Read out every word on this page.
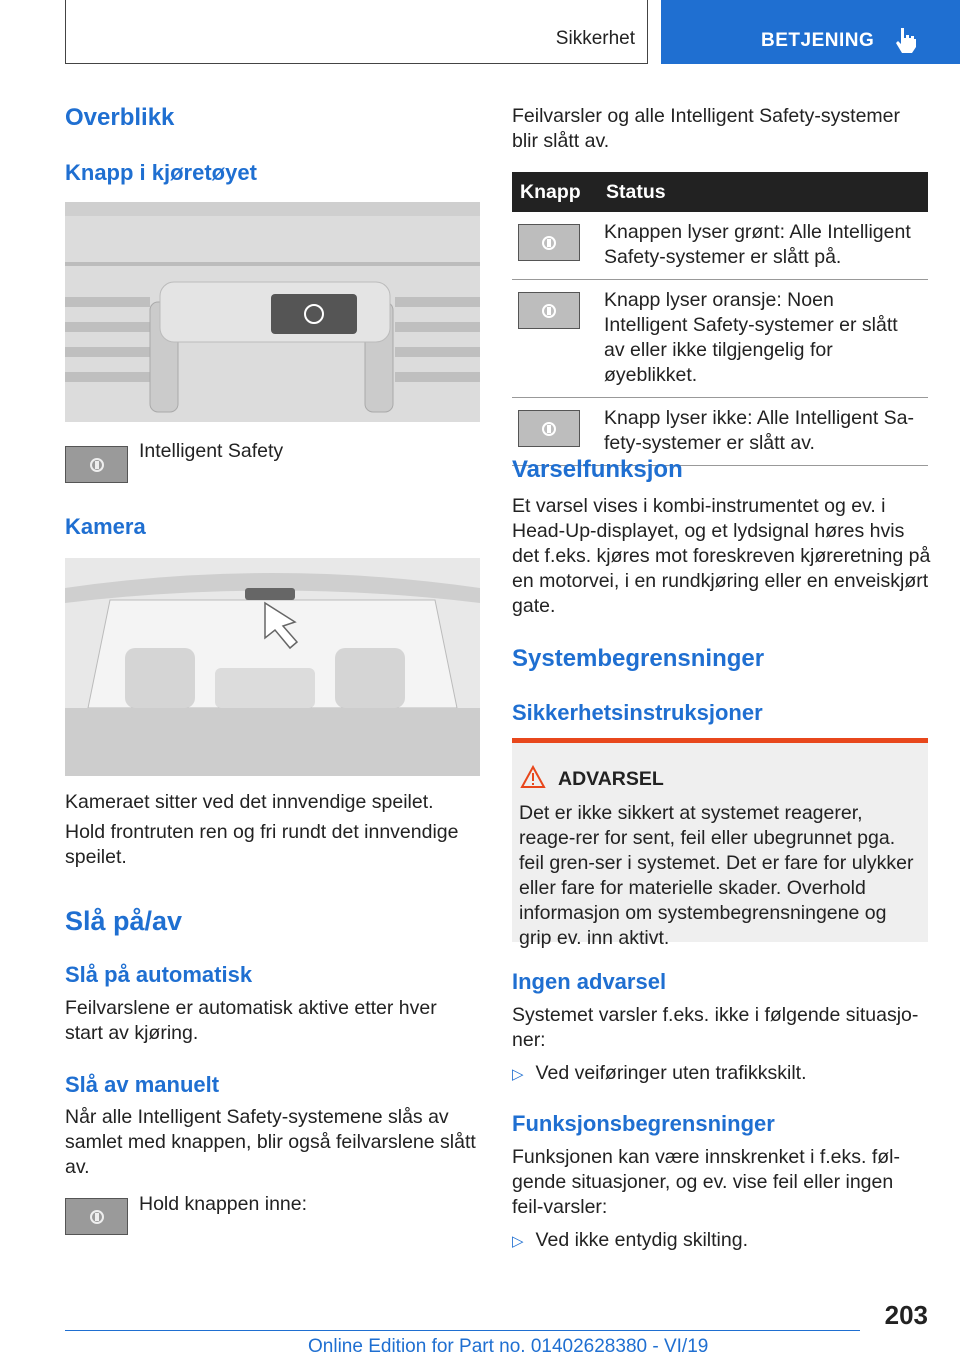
Sikkerhet	BETJENING
Overblikk
Knapp i kjøretøyet
Intelligent Safety
Kamera
Kameraet sitter ved det innvendige speilet.
Hold frontruten ren og fri rundt det innvendige speilet.
Slå på/av
Slå på automatisk
Feilvarslene er automatisk aktive etter hver start av kjøring.
Slå av manuelt
Når alle Intelligent Safety-systemene slås av samlet med knappen, blir også feilvarslene slått av.
Hold knappen inne:
Feilvarsler og alle Intelligent Safety-systemer blir slått av.
Knapp	Status

	Knappen lyser grønt: Alle Intelligent Safety-systemer er slått på.

	Knapp lyser oransje: Noen Intelligent Safety-systemer er slått av eller ikke tilgjengelig for øyeblikket.

	Knapp lyser ikke: Alle Intelligent Sa-fety-systemer er slått av.
Varselfunksjon
Et varsel vises i kombi-instrumentet og ev. i Head-Up-displayet, og et lydsignal høres hvis det f.eks. kjøres mot foreskreven kjøreretning på en motorvei, i en rundkjøring eller en enveiskjørt gate.
Systembegrensninger
Sikkerhetsinstruksjoner
ADVARSEL
Det er ikke sikkert at systemet reagerer, reage-rer for sent, feil eller ubegrunnet pga. feil gren-ser i systemet. Det er fare for ulykker eller fare for materielle skader. Overhold informasjon om systembegrensningene og grip ev. inn aktivt.
Ingen advarsel
Systemet varsler f.eks. ikke i følgende situasjo-ner:
▷ Ved veiføringer uten trafikkskilt.
Funksjonsbegrensninger
Funksjonen kan være innskrenket i f.eks. føl-gende situasjoner, og ev. vise feil eller ingen feil-varsler:
▷ Ved ikke entydig skilting.
203
Online Edition for Part no. 01402628380 - VI/19
